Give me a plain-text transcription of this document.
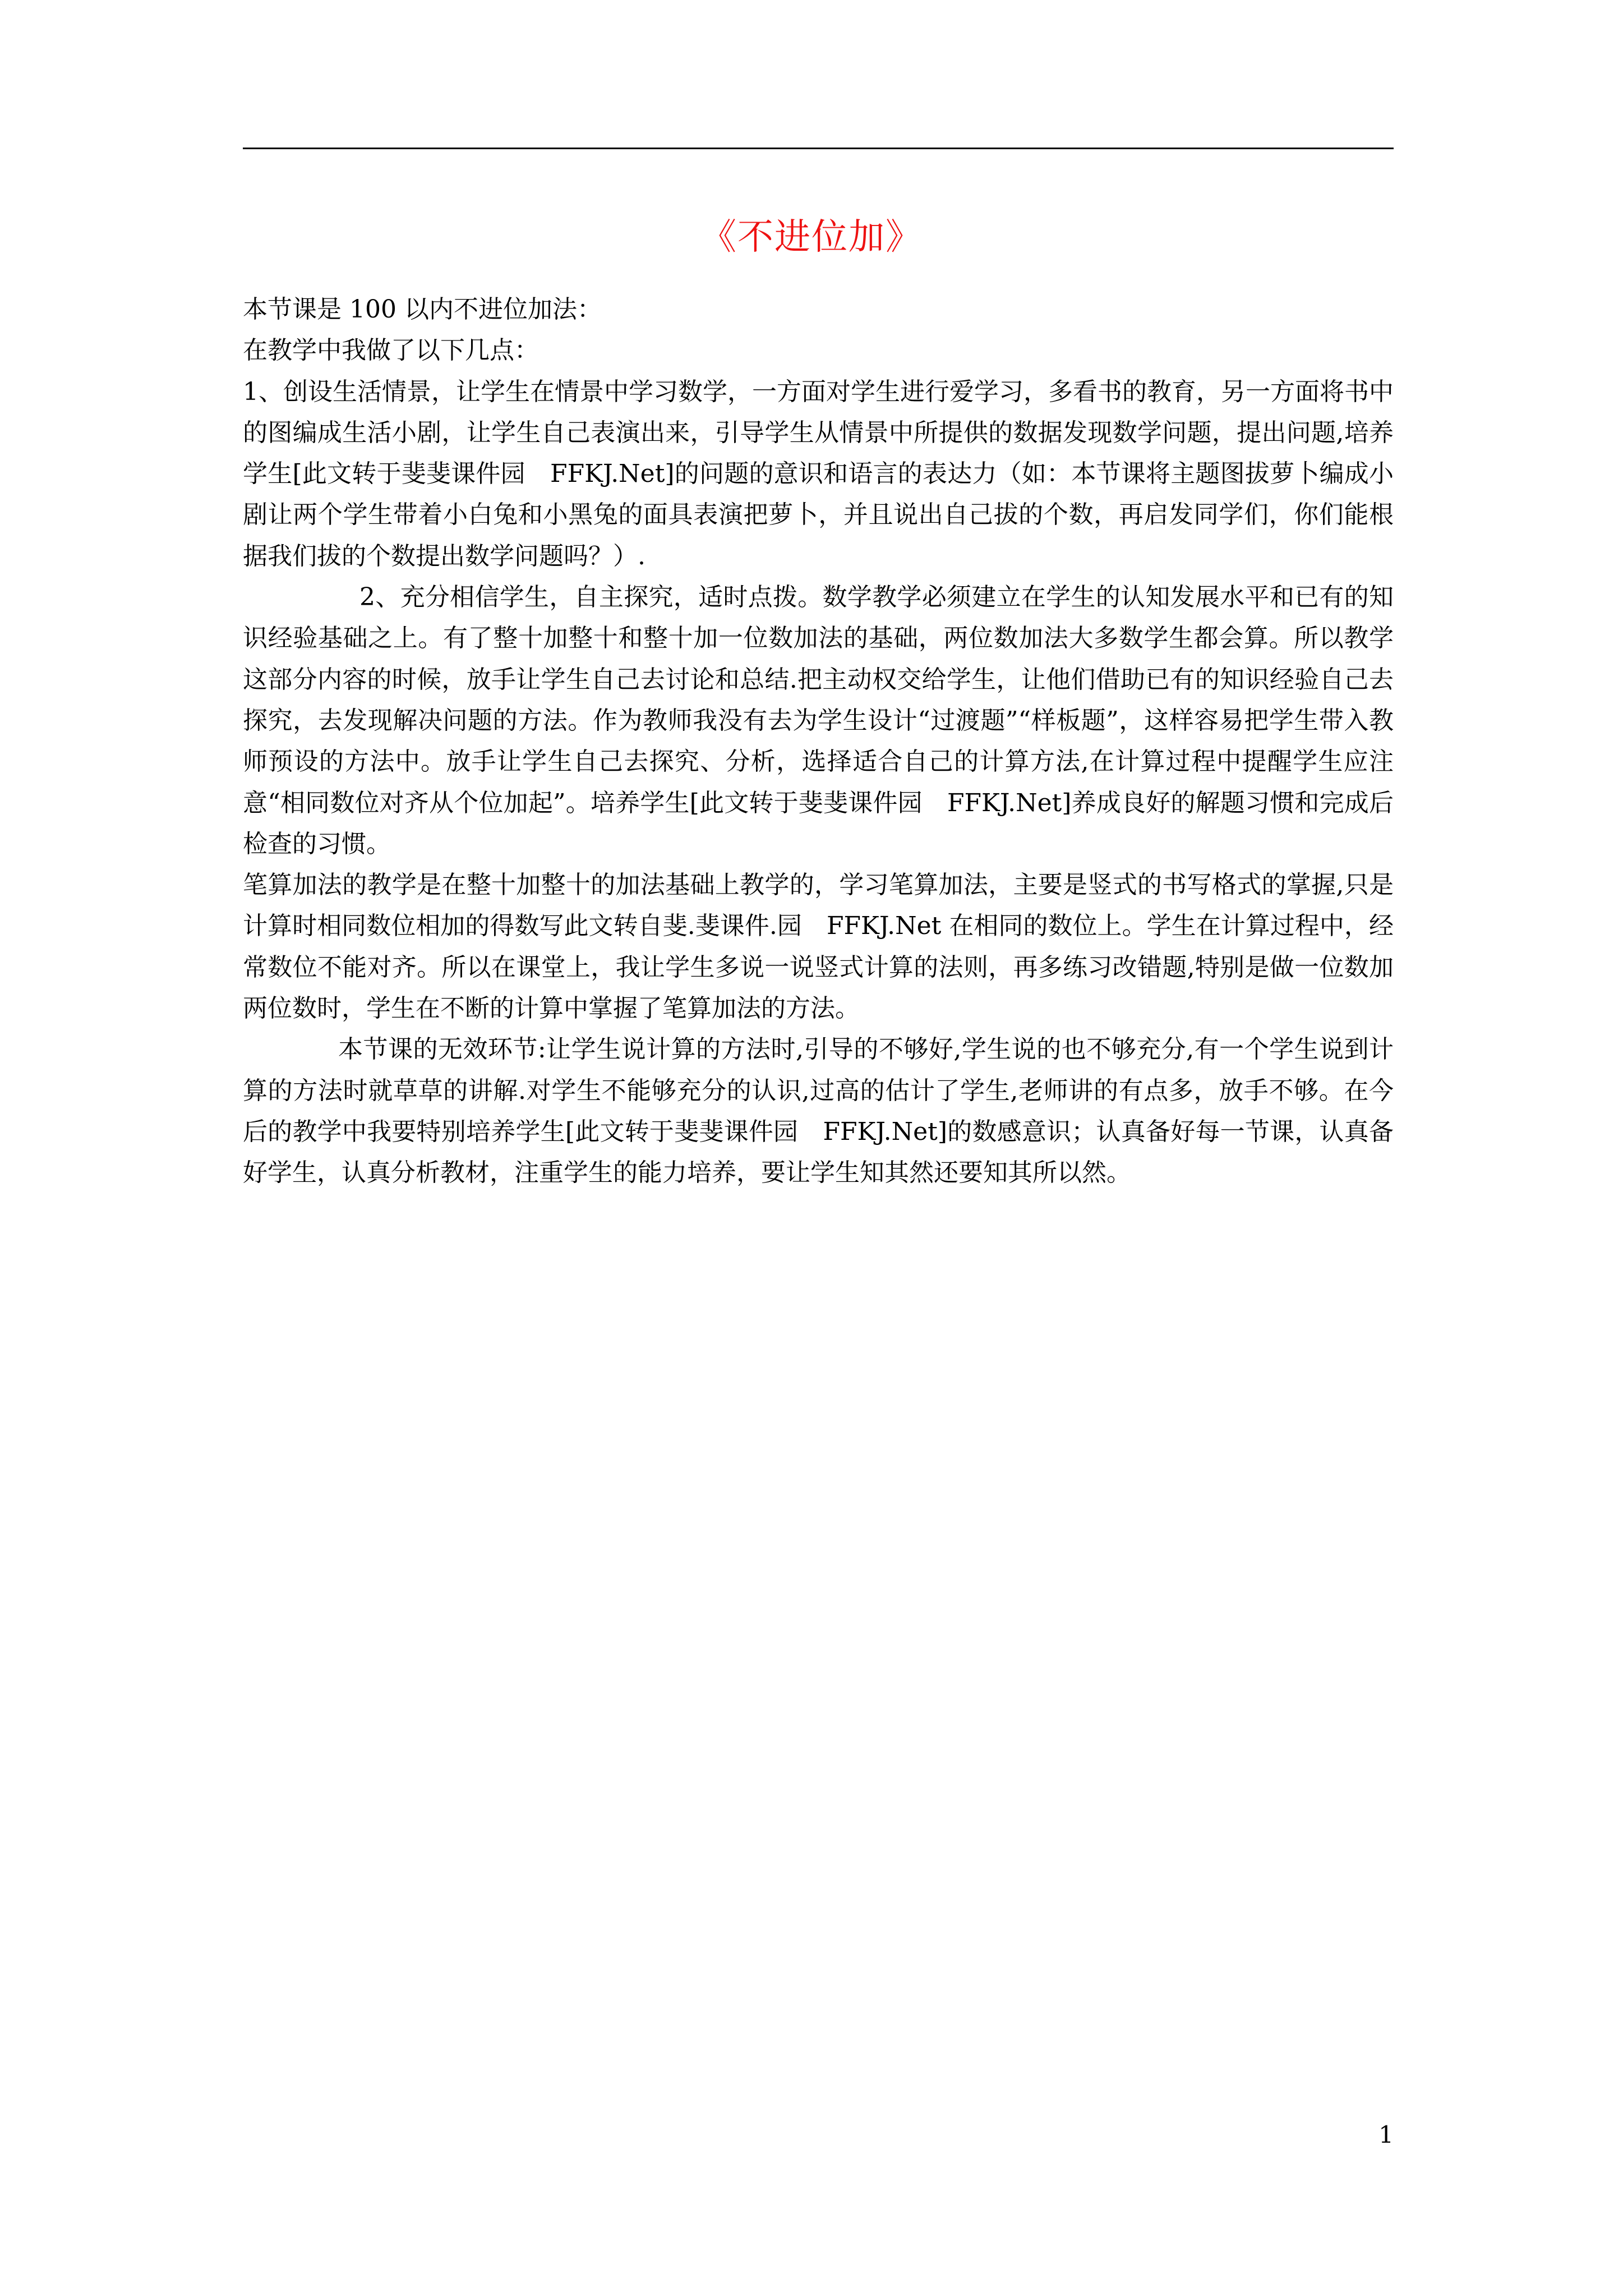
《不进位加》

本节课是 100 以内不进位加法：

在教学中我做了以下几点：

1、创设生活情景，让学生在情景中学习数学，一方面对学生进行爱学习，多看书的教育，另一方面将书中的图编成生活小剧，让学生自己表演出来，引导学生从情景中所提供的数据发现数学问题，提出问题,培养学生[此文转于斐斐课件园　FFKJ.Net]的问题的意识和语言的表达力（如：本节课将主题图拔萝卜编成小剧让两个学生带着小白兔和小黑兔的面具表演把萝卜，并且说出自己拔的个数，再启发同学们，你们能根据我们拔的个数提出数学问题吗？）.

2、充分相信学生，自主探究，适时点拨。数学教学必须建立在学生的认知发展水平和已有的知识经验基础之上。有了整十加整十和整十加一位数加法的基础，两位数加法大多数学生都会算。所以教学这部分内容的时候，放手让学生自己去讨论和总结.把主动权交给学生，让他们借助已有的知识经验自己去探究，去发现解决问题的方法。作为教师我没有去为学生设计“过渡题”“样板题”，这样容易把学生带入教师预设的方法中。放手让学生自己去探究、分析，选择适合自己的计算方法,在计算过程中提醒学生应注意“相同数位对齐从个位加起”。培养学生[此文转于斐斐课件园　FFKJ.Net]养成良好的解题习惯和完成后检查的习惯。

笔算加法的教学是在整十加整十的加法基础上教学的，学习笔算加法，主要是竖式的书写格式的掌握,只是计算时相同数位相加的得数写此文转自斐.斐课件.园　FFKJ.Net 在相同的数位上。学生在计算过程中，经常数位不能对齐。所以在课堂上，我让学生多说一说竖式计算的法则，再多练习改错题,特别是做一位数加两位数时，学生在不断的计算中掌握了笔算加法的方法。

本节课的无效环节:让学生说计算的方法时,引导的不够好,学生说的也不够充分,有一个学生说到计算的方法时就草草的讲解.对学生不能够充分的认识,过高的估计了学生,老师讲的有点多，放手不够。在今后的教学中我要特别培养学生[此文转于斐斐课件园　FFKJ.Net]的数感意识；认真备好每一节课，认真备好学生，认真分析教材，注重学生的能力培养，要让学生知其然还要知其所以然。

1
